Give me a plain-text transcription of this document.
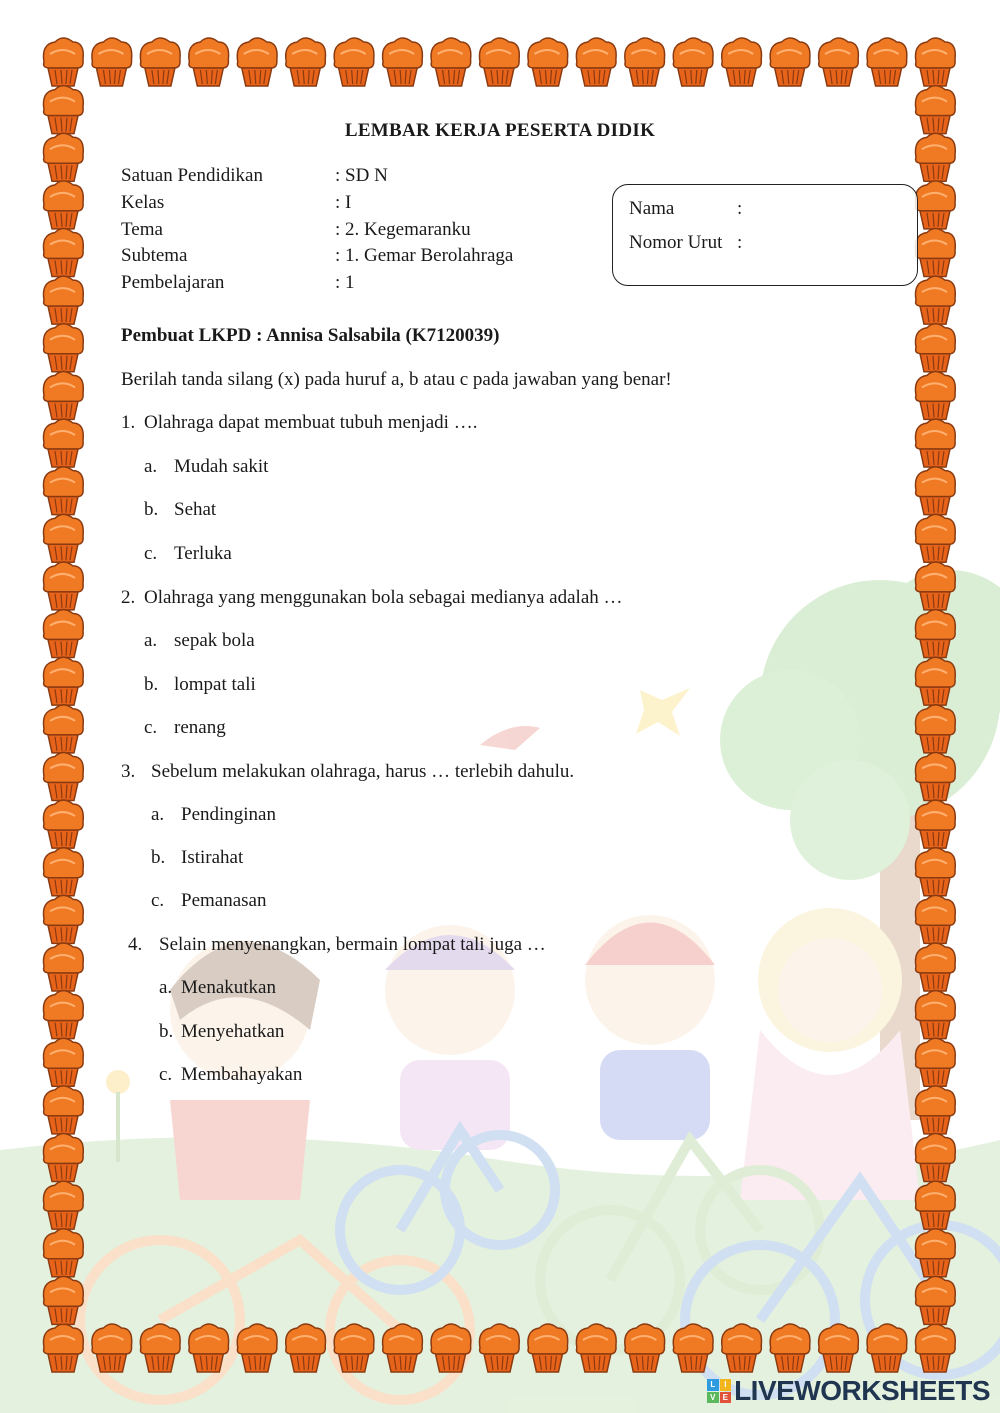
LEMBAR KERJA PESERTA DIDIK
Satuan Pendidikan	: SD N
Kelas	: I
Tema	: 2. Kegemaranku
Subtema	: 1. Gemar Berolahraga
Pembelajaran	: 1
Nama	:
Nomor Urut :
Pembuat LKPD : Annisa Salsabila (K7120039)
Berilah tanda silang (x) pada huruf a, b atau c pada jawaban yang benar!
1. Olahraga dapat membuat tubuh menjadi ….
a. Mudah sakit
b. Sehat
c. Terluka
2. Olahraga yang menggunakan bola sebagai medianya adalah …
a. sepak bola
b. lompat tali
c. renang
3. Sebelum melakukan olahraga, harus … terlebih dahulu.
a. Pendinginan
b. Istirahat
c. Pemanasan
4. Selain menyenangkan, bermain lompat tali juga …
a. Menakutkan
b. Menyehatkan
c. Membahayakan
L	I
V E LIVEWORKSHEETS
